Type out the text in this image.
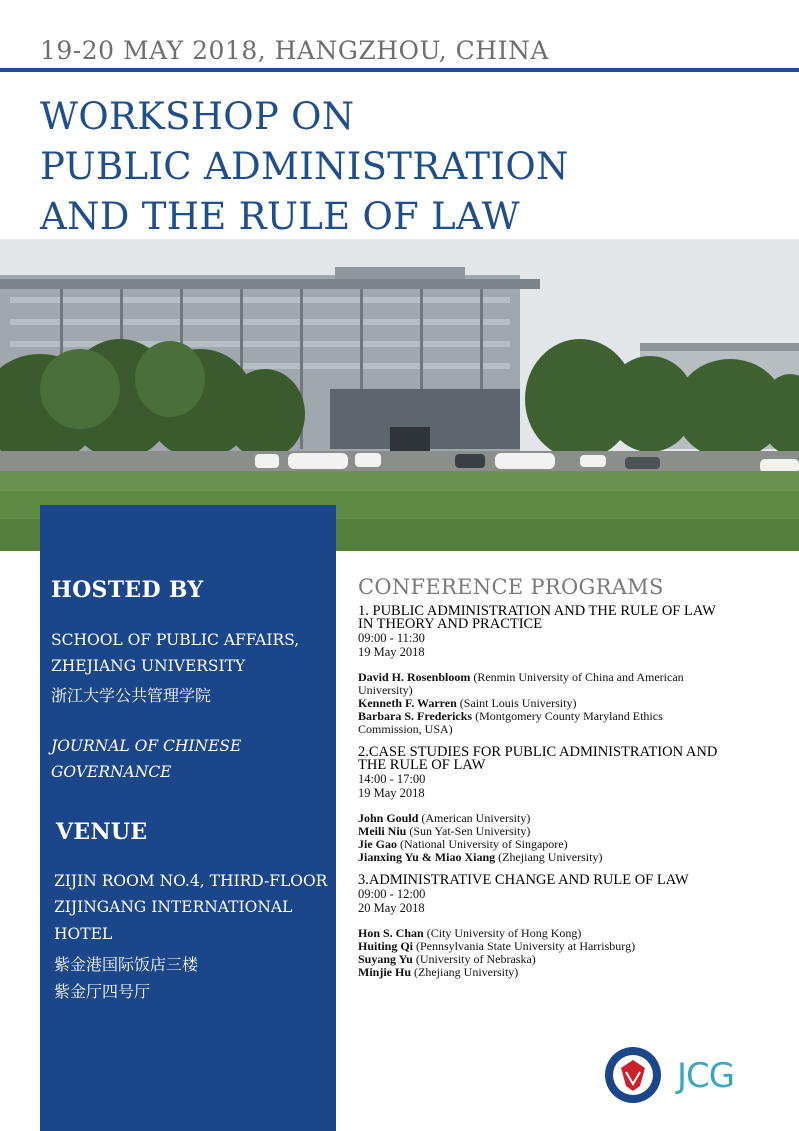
19-20 MAY 2018, HANGZHOU, CHINA
WORKSHOP ON
PUBLIC ADMINISTRATION
AND THE RULE OF LAW
HOSTED BY
SCHOOL OF PUBLIC AFFAIRS,
ZHEJIANG UNIVERSITY
浙江大学公共管理学院
JOURNAL OF CHINESE
GOVERNANCE
VENUE
ZIJIN ROOM NO.4, THIRD-FLOOR
ZIJINGANG INTERNATIONAL
HOTEL
紫金港国际饭店三楼
紫金厅四号厅
CONFERENCE PROGRAMS
1. PUBLIC ADMINISTRATION AND THE RULE OF LAW
IN THEORY AND PRACTICE
09:00 - 11:30
19 May 2018
David H. Rosenbloom (Renmin University of China and American
University)
Kenneth F. Warren (Saint Louis University)
Barbara S. Fredericks (Montgomery County Maryland Ethics
Commission, USA)
2.CASE STUDIES FOR PUBLIC ADMINISTRATION AND
THE RULE OF LAW
14:00 - 17:00
19 May 2018
John Gould (American University)
Meili Niu (Sun Yat-Sen University)
Jie Gao (National University of Singapore)
Jianxing Yu & Miao Xiang (Zhejiang University)
3.ADMINISTRATIVE CHANGE AND RULE OF LAW
09:00 - 12:00
20 May 2018
Hon S. Chan (City University of Hong Kong)
Huiting Qi (Pennsylvania State University at Harrisburg)
Suyang Yu (University of Nebraska)
Minjie Hu (Zhejiang University)
JCG
